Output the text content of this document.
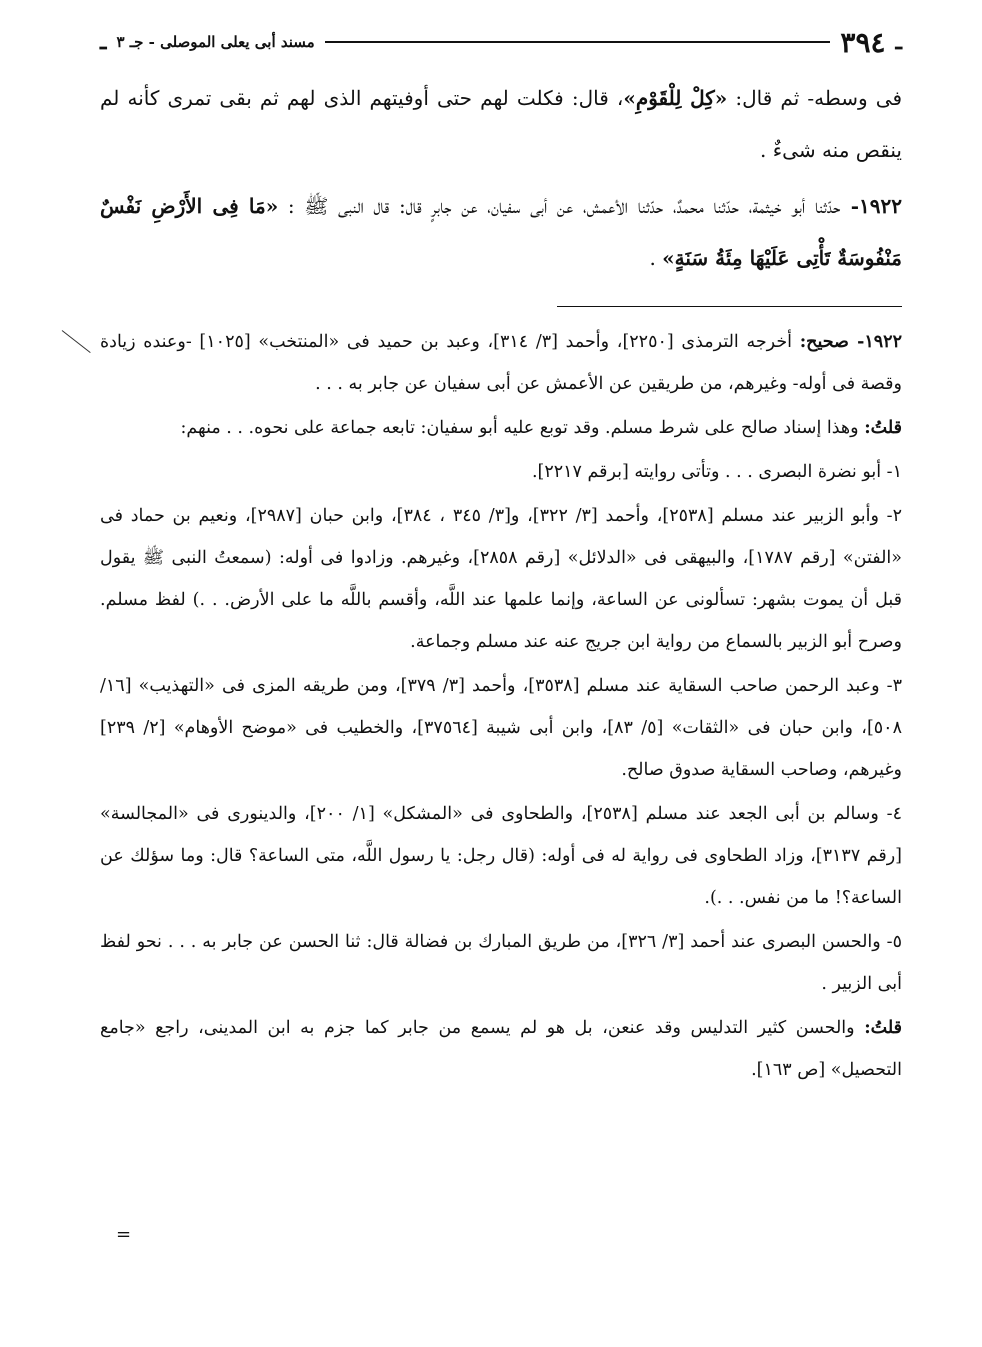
ـ
٣٩٤
مسند أبى يعلى الموصلى - جـ ٣
ـ

فى وسطه- ثم قال: «كِلْ لِلْقَوْمِ»، قال: فكلت لهم حتى أوفيتهم الذى لهم ثم بقى تمرى كأنه لم ينقص منه شىءٌ .

١٩٢٢- حدّثنا أبو خيثمة، حدّثنا محمدٌ، حدّثنا الأعمش، عن أبى سفيان، عن جابرٍ قال: قال النبى ﷺ : «مَا فِى الأَرْضِ نَفْسٌ مَنْفُوسَةٌ تَأْتِى عَلَيْهَا مِئَةُ سَنَةٍ» .

١٩٢٢- صحيح: أخرجه الترمذى [٢٢٥٠]، وأحمد [٣/ ٣١٤]، وعبد بن حميد فى «المنتخب» [١٠٢٥] -وعنده زيادة وقصة فى أوله- وغيرهم، من طريقين عن الأعمش عن أبى سفيان عن جابر به . . .

قلتُ: وهذا إسناد صالح على شرط مسلم. وقد توبع عليه أبو سفيان: تابعه جماعة على نحوه. . . منهم:

١- أبو نضرة البصرى . . . وتأتى روايته [برقم ٢٢١٧].

٢- وأبو الزبير عند مسلم [٢٥٣٨]، وأحمد [٣/ ٣٢٢]، و[٣/ ٣٤٥ ، ٣٨٤]، وابن حبان [٢٩٨٧]، ونعيم بن حماد فى «الفتن» [رقم ١٧٨٧]، والبيهقى فى «الدلائل» [رقم ٢٨٥٨]، وغيرهم. وزادوا فى أوله: (سمعتُ النبى ﷺ يقول قبل أن يموت بشهر: تسألونى عن الساعة، وإنما علمها عند اللَّه، وأقسم باللَّه ما على الأرض. . .) لفظ مسلم. وصرح أبو الزبير بالسماع من رواية ابن جريج عنه عند مسلم وجماعة.

٣- وعبد الرحمن صاحب السقاية عند مسلم [٣٥٣٨]، وأحمد [٣/ ٣٧٩]، ومن طريقه المزى فى «التهذيب» [١٦/ ٥٠٨]، وابن حبان فى «الثقات» [٥/ ٨٣]، وابن أبى شيبة [٣٧٥٦٤]، والخطيب فى «موضح الأوهام» [٢/ ٢٣٩] وغيرهم، وصاحب السقاية صدوق صالح.

٤- وسالم بن أبى الجعد عند مسلم [٢٥٣٨]، والطحاوى فى «المشكل» [١/ ٢٠٠]، والدينورى فى «المجالسة» [رقم ٣١٣٧]، وزاد الطحاوى فى رواية له فى أوله: (قال رجل: يا رسول اللَّه، متى الساعة؟ قال: وما سؤلك عن الساعة؟! ما من نفس. . .).

٥- والحسن البصرى عند أحمد [٣/ ٣٢٦]، من طريق المبارك بن فضالة قال: ثنا الحسن عن جابر به . . . نحو لفظ أبى الزبير .

قلتُ: والحسن كثير التدليس وقد عنعن، بل هو لم يسمع من جابر كما جزم به ابن المدينى، راجع «جامع التحصيل» [ص ١٦٣].

=
